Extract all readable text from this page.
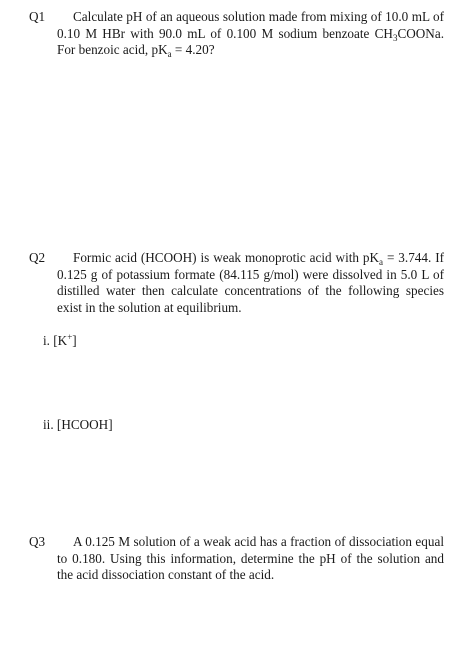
Q1	Calculate pH of an aqueous solution made from mixing of 10.0 mL of 0.10 M HBr with 90.0 mL of 0.100 M sodium benzoate $CH_3COONa$. For benzoic acid, $pK_a = 4.20$?
Q2	Formic acid (HCOOH) is weak monoprotic acid with $pK_a = 3.744$. If 0.125 g of potassium formate (84.115 g/mol) were dissolved in 5.0 L of distilled water then calculate concentrations of the following species exist in the solution at equilibrium.
i. [K+]
ii. [HCOOH]
Q3	A 0.125 M solution of a weak acid has a fraction of dissociation equal to 0.180. Using this information, determine the pH of the solution and the acid dissociation constant of the acid.
